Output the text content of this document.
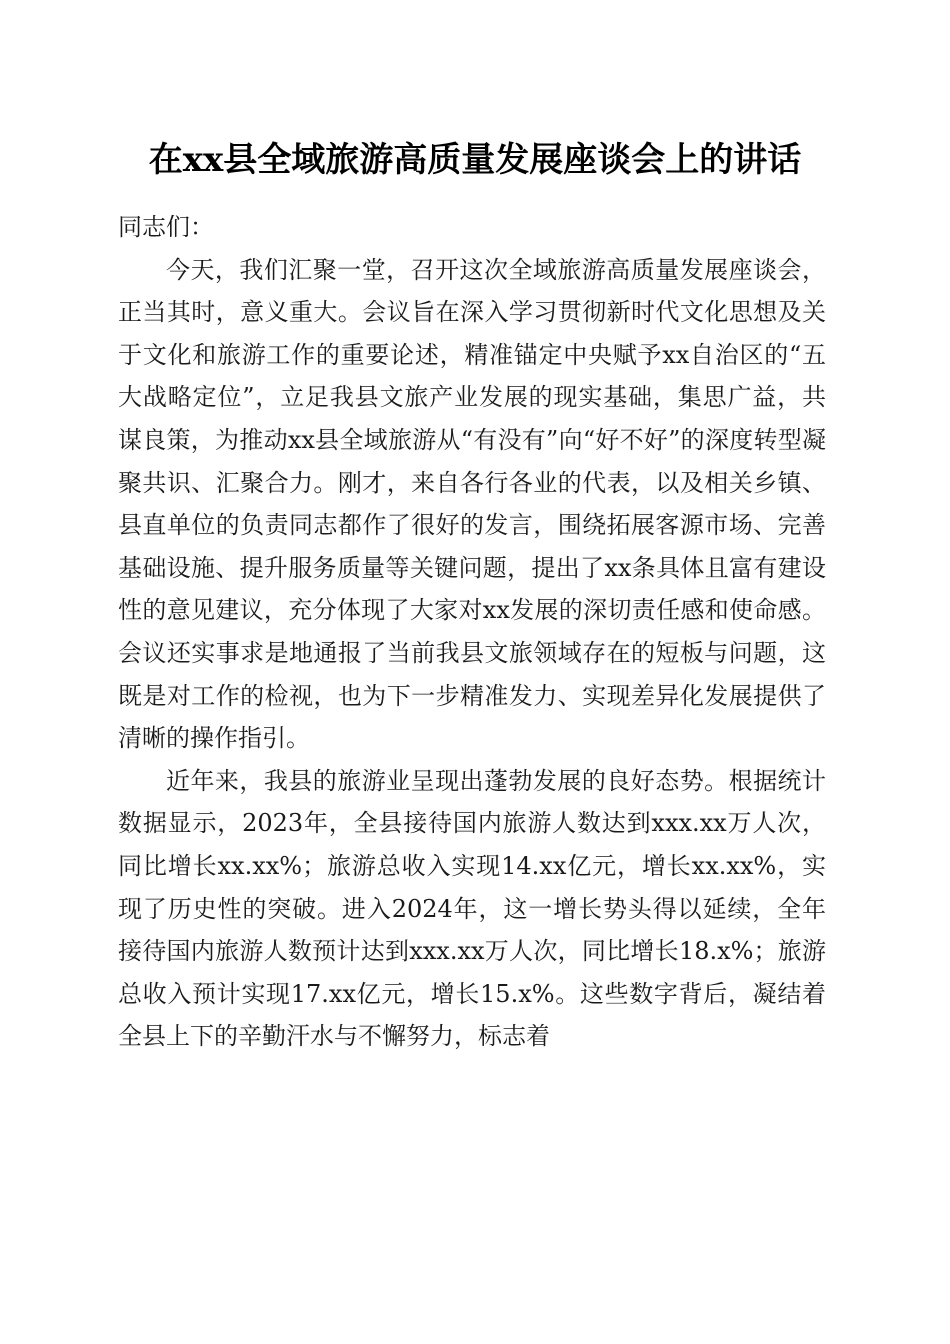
在xx县全域旅游高质量发展座谈会上的讲话

同志们：

今天，我们汇聚一堂，召开这次全域旅游高质量发展座谈会，正当其时，意义重大。会议旨在深入学习贯彻新时代文化思想及关于文化和旅游工作的重要论述，精准锚定中央赋予xx自治区的“五大战略定位”，立足我县文旅产业发展的现实基础，集思广益，共谋良策，为推动xx县全域旅游从“有没有”向“好不好”的深度转型凝聚共识、汇聚合力。刚才，来自各行各业的代表，以及相关乡镇、县直单位的负责同志都作了很好的发言，围绕拓展客源市场、完善基础设施、提升服务质量等关键问题，提出了xx条具体且富有建设性的意见建议，充分体现了大家对xx发展的深切责任感和使命感。会议还实事求是地通报了当前我县文旅领域存在的短板与问题，这既是对工作的检视，也为下一步精准发力、实现差异化发展提供了清晰的操作指引。

近年来，我县的旅游业呈现出蓬勃发展的良好态势。根据统计数据显示，2023年，全县接待国内旅游人数达到xxx.xx万人次，同比增长xx.xx%；旅游总收入实现14.xx亿元，增长xx.xx%，实现了历史性的突破。进入2024年，这一增长势头得以延续，全年接待国内旅游人数预计达到xxx.xx万人次，同比增长18.x%；旅游总收入预计实现17.xx亿元，增长15.x%。这些数字背后，凝结着全县上下的辛勤汗水与不懈努力，标志着
